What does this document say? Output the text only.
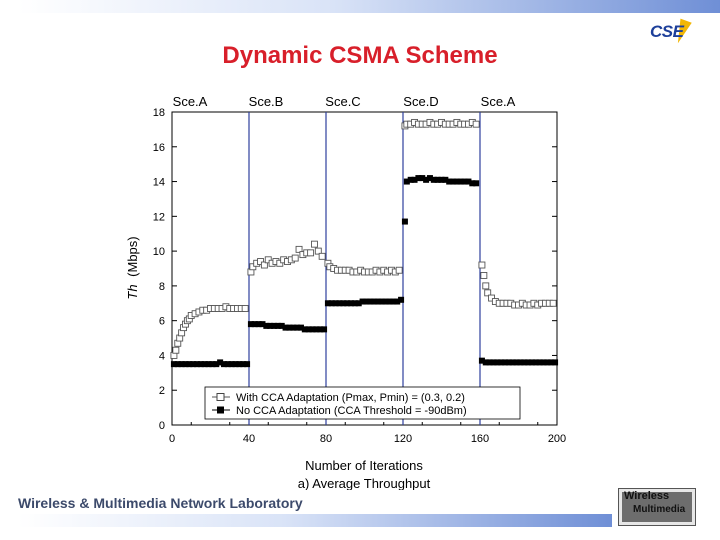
Dynamic CSMA Scheme
CSE
Sce.A	Sce.B	Sce.C	Sce.D	Sce.A
0	40	80	120	160	200
0
2
4
6
8
10
12
14
16
18
Number of Iterations
a) Average Throughput
Th (Mbps)
With CCA Adaptation (Pmax, Pmin) = (0.3, 0.2)
No CCA Adaptation (CCA Threshold = -90dBm)
Wireless & Multimedia Network Laboratory	Wireless
Multimedia
